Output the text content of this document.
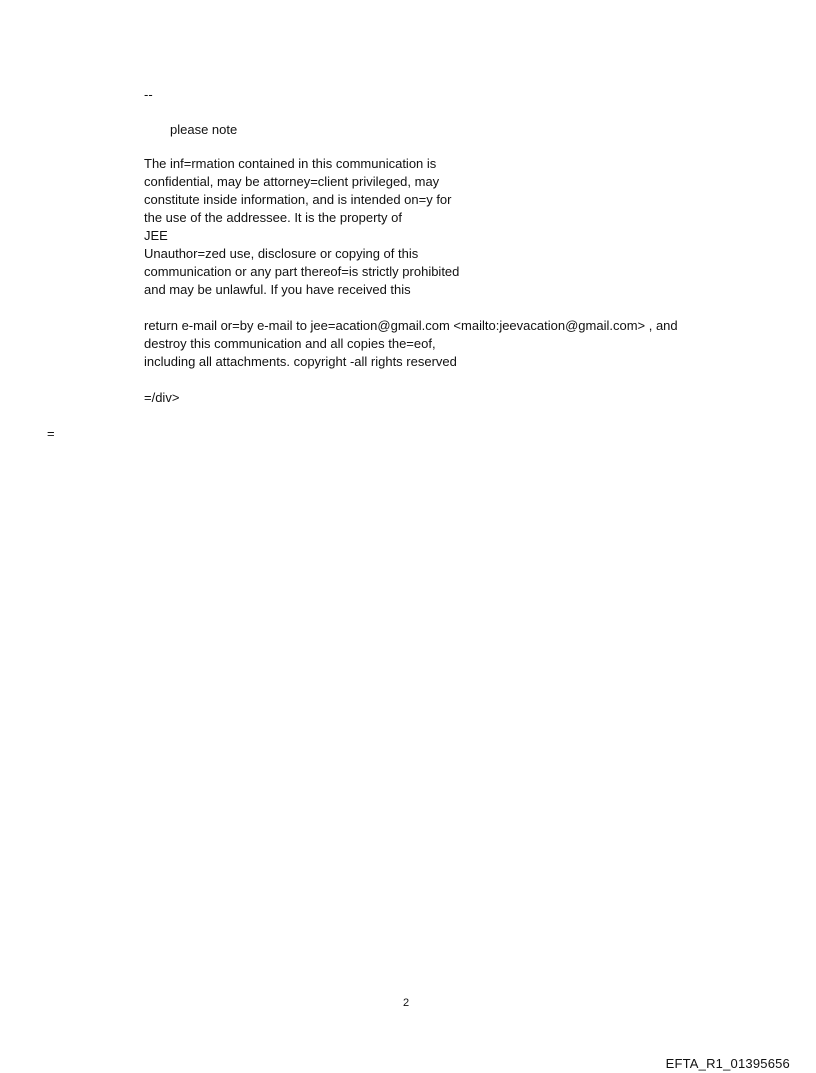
--
please note
The inf=rmation contained in this communication is
confidential, may be attorney=client privileged, may
constitute inside information, and is intended on=y for
the use of the addressee. It is the property of
JEE
Unauthor=zed use, disclosure or copying of this
communication or any part thereof=is strictly prohibited
and may be unlawful. If you have received this
return e-mail or=by e-mail to jee=acation@gmail.com <mailto:jeevacation@gmail.com> , and
destroy this communication and all copies the=eof,
including all attachments. copyright -all rights reserved
=/div>
=
2
EFTA_R1_01395656
